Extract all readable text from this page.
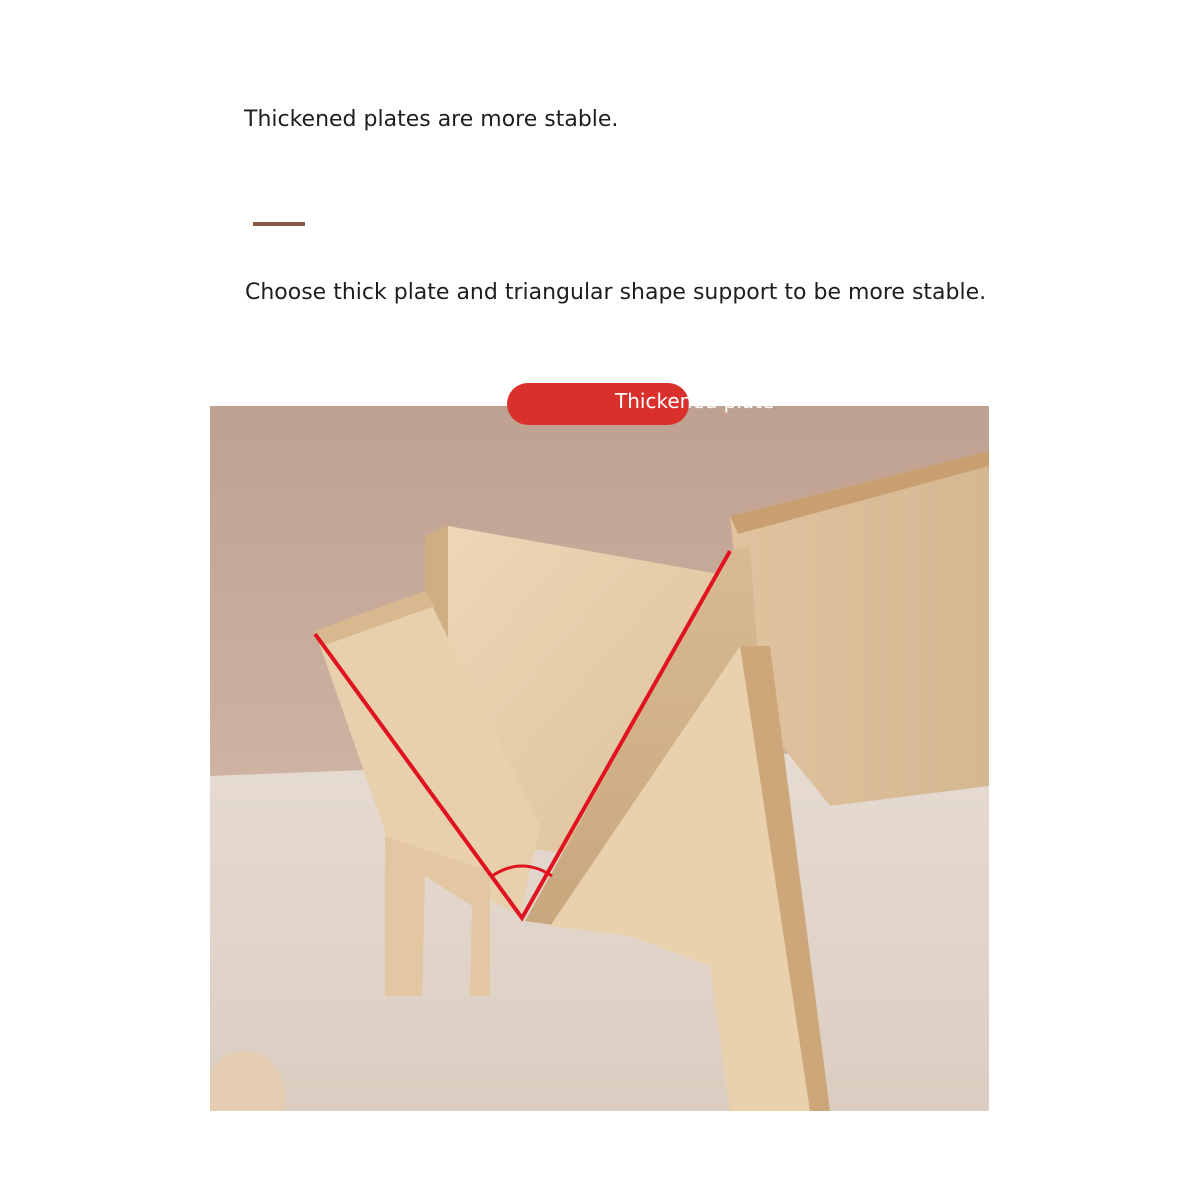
Thickened plates are more stable.

Choose thick plate and triangular shape support to be more stable.

Thickened plate
